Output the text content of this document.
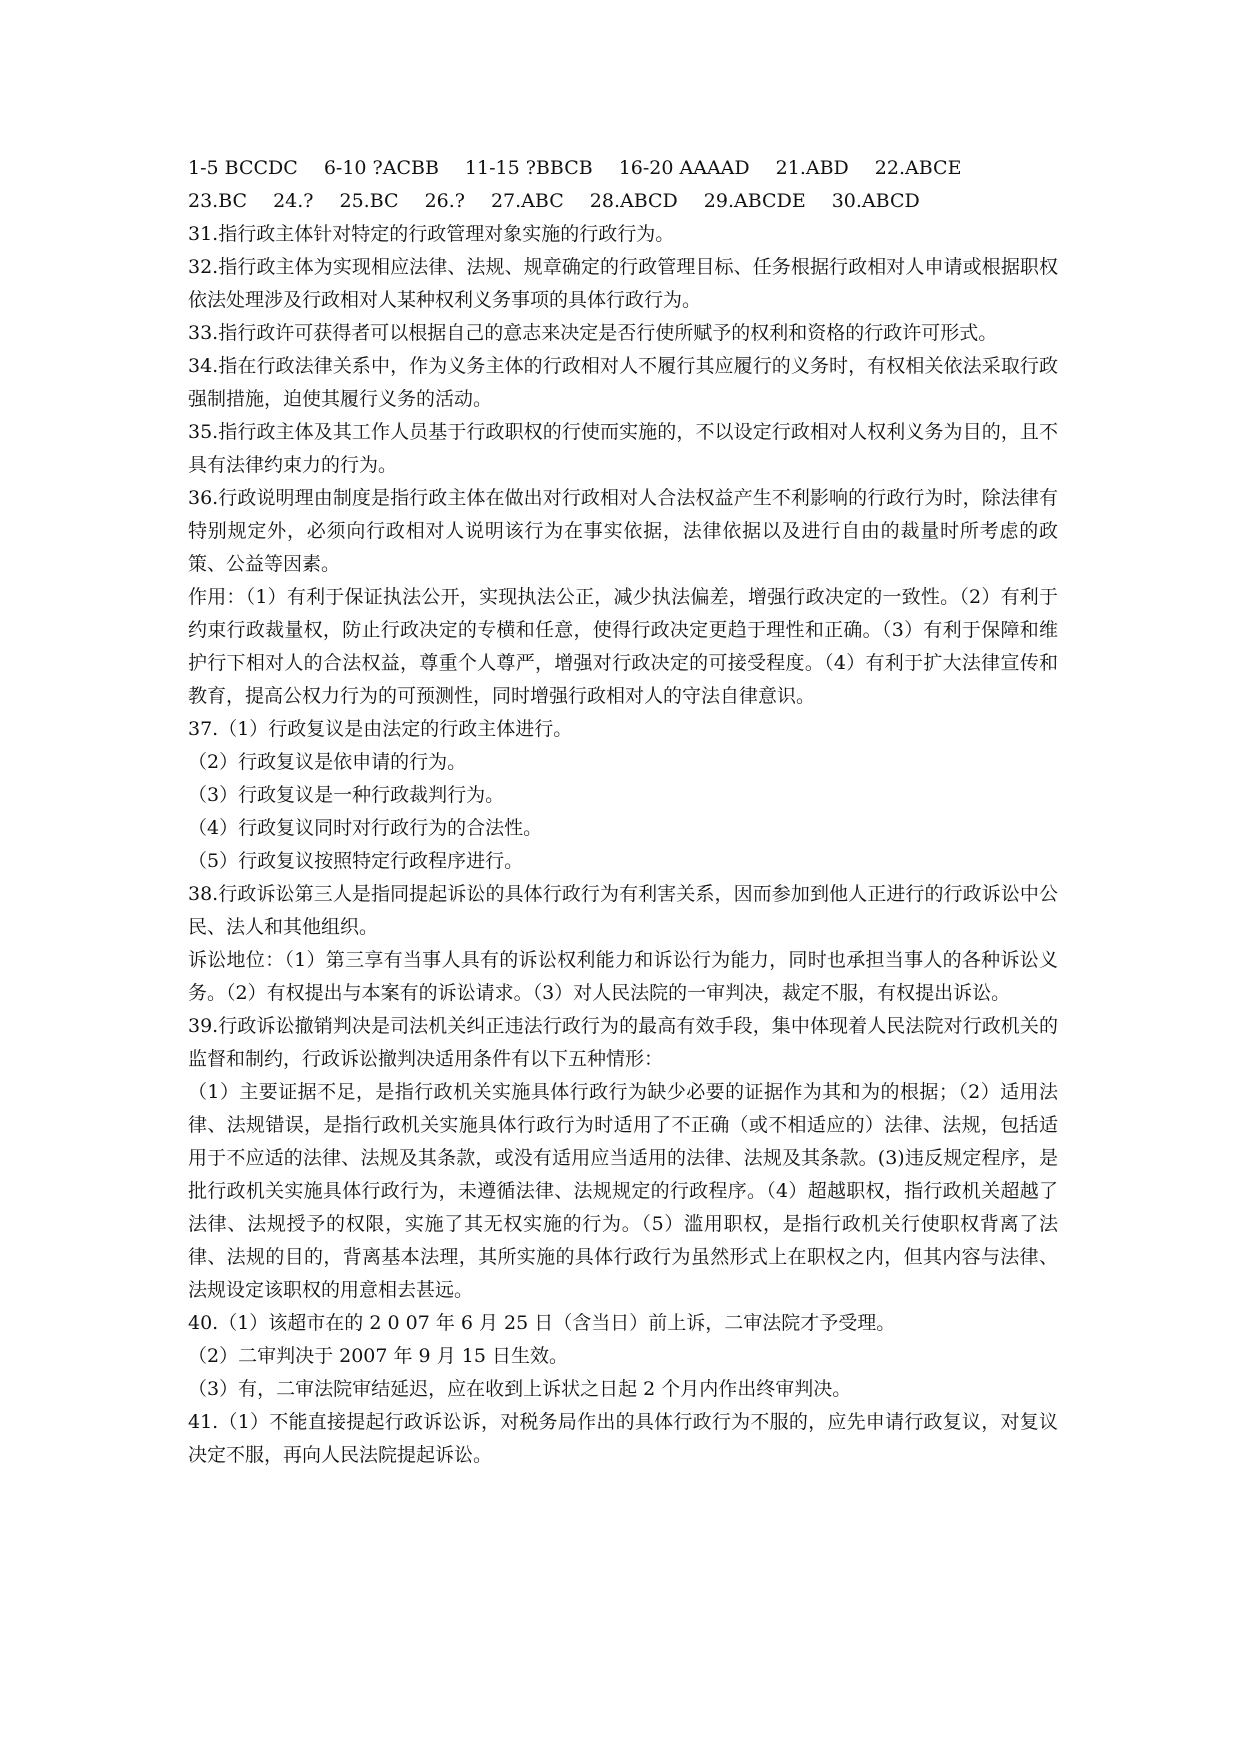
1-5 BCCDC 6-10 ?ACBB 11-15 ?BBCB 16-20 AAAAD 21.ABD 22.ABCE

23.BC 24.? 25.BC 26.? 27.ABC 28.ABCD 29.ABCDE 30.ABCD

31.指行政主体针对特定的行政管理对象实施的行政行为。

32.指行政主体为实现相应法律、法规、规章确定的行政管理目标、任务根据行政相对人申请或根据职权依法处理涉及行政相对人某种权利义务事项的具体行政行为。

33.指行政许可获得者可以根据自己的意志来决定是否行使所赋予的权利和资格的行政许可形式。

34.指在行政法律关系中，作为义务主体的行政相对人不履行其应履行的义务时，有权相关依法采取行政强制措施，迫使其履行义务的活动。

35.指行政主体及其工作人员基于行政职权的行使而实施的，不以设定行政相对人权利义务为目的，且不具有法律约束力的行为。

36.行政说明理由制度是指行政主体在做出对行政相对人合法权益产生不利影响的行政行为时，除法律有特别规定外，必须向行政相对人说明该行为在事实依据，法律依据以及进行自由的裁量时所考虑的政策、公益等因素。

作用：（1）有利于保证执法公开，实现执法公正，减少执法偏差，增强行政决定的一致性。（2）有利于约束行政裁量权，防止行政决定的专横和任意，使得行政决定更趋于理性和正确。（3）有利于保障和维护行下相对人的合法权益，尊重个人尊严，增强对行政决定的可接受程度。（4）有利于扩大法律宣传和教育，提高公权力行为的可预测性，同时增强行政相对人的守法自律意识。

37.（1）行政复议是由法定的行政主体进行。

（2）行政复议是依申请的行为。

（3）行政复议是一种行政裁判行为。

（4）行政复议同时对行政行为的合法性。

（5）行政复议按照特定行政程序进行。

38.行政诉讼第三人是指同提起诉讼的具体行政行为有利害关系，因而参加到他人正进行的行政诉讼中公民、法人和其他组织。

诉讼地位：（1）第三享有当事人具有的诉讼权利能力和诉讼行为能力，同时也承担当事人的各种诉讼义务。（2）有权提出与本案有的诉讼请求。（3）对人民法院的一审判决，裁定不服，有权提出诉讼。

39.行政诉讼撤销判决是司法机关纠正违法行政行为的最高有效手段，集中体现着人民法院对行政机关的监督和制约，行政诉讼撤判决适用条件有以下五种情形：

（1）主要证据不足，是指行政机关实施具体行政行为缺少必要的证据作为其和为的根据；（2）适用法律、法规错误，是指行政机关实施具体行政行为时适用了不正确（或不相适应的）法律、法规，包括适用于不应适的法律、法规及其条款，或没有适用应当适用的法律、法规及其条款。(3)违反规定程序，是批行政机关实施具体行政行为，未遵循法律、法规规定的行政程序。（4）超越职权，指行政机关超越了法律、法规授予的权限，实施了其无权实施的行为。（5）滥用职权，是指行政机关行使职权背离了法律、法规的目的，背离基本法理，其所实施的具体行政行为虽然形式上在职权之内，但其内容与法律、法规设定该职权的用意相去甚远。

40.（1）该超市在的 2 0 07 年 6 月 25 日（含当日）前上诉，二审法院才予受理。

（2）二审判决于 2007 年 9 月 15 日生效。

（3）有，二审法院审结延迟，应在收到上诉状之日起 2 个月内作出终审判决。

41.（1）不能直接提起行政诉讼诉，对税务局作出的具体行政行为不服的，应先申请行政复议，对复议决定不服，再向人民法院提起诉讼。
